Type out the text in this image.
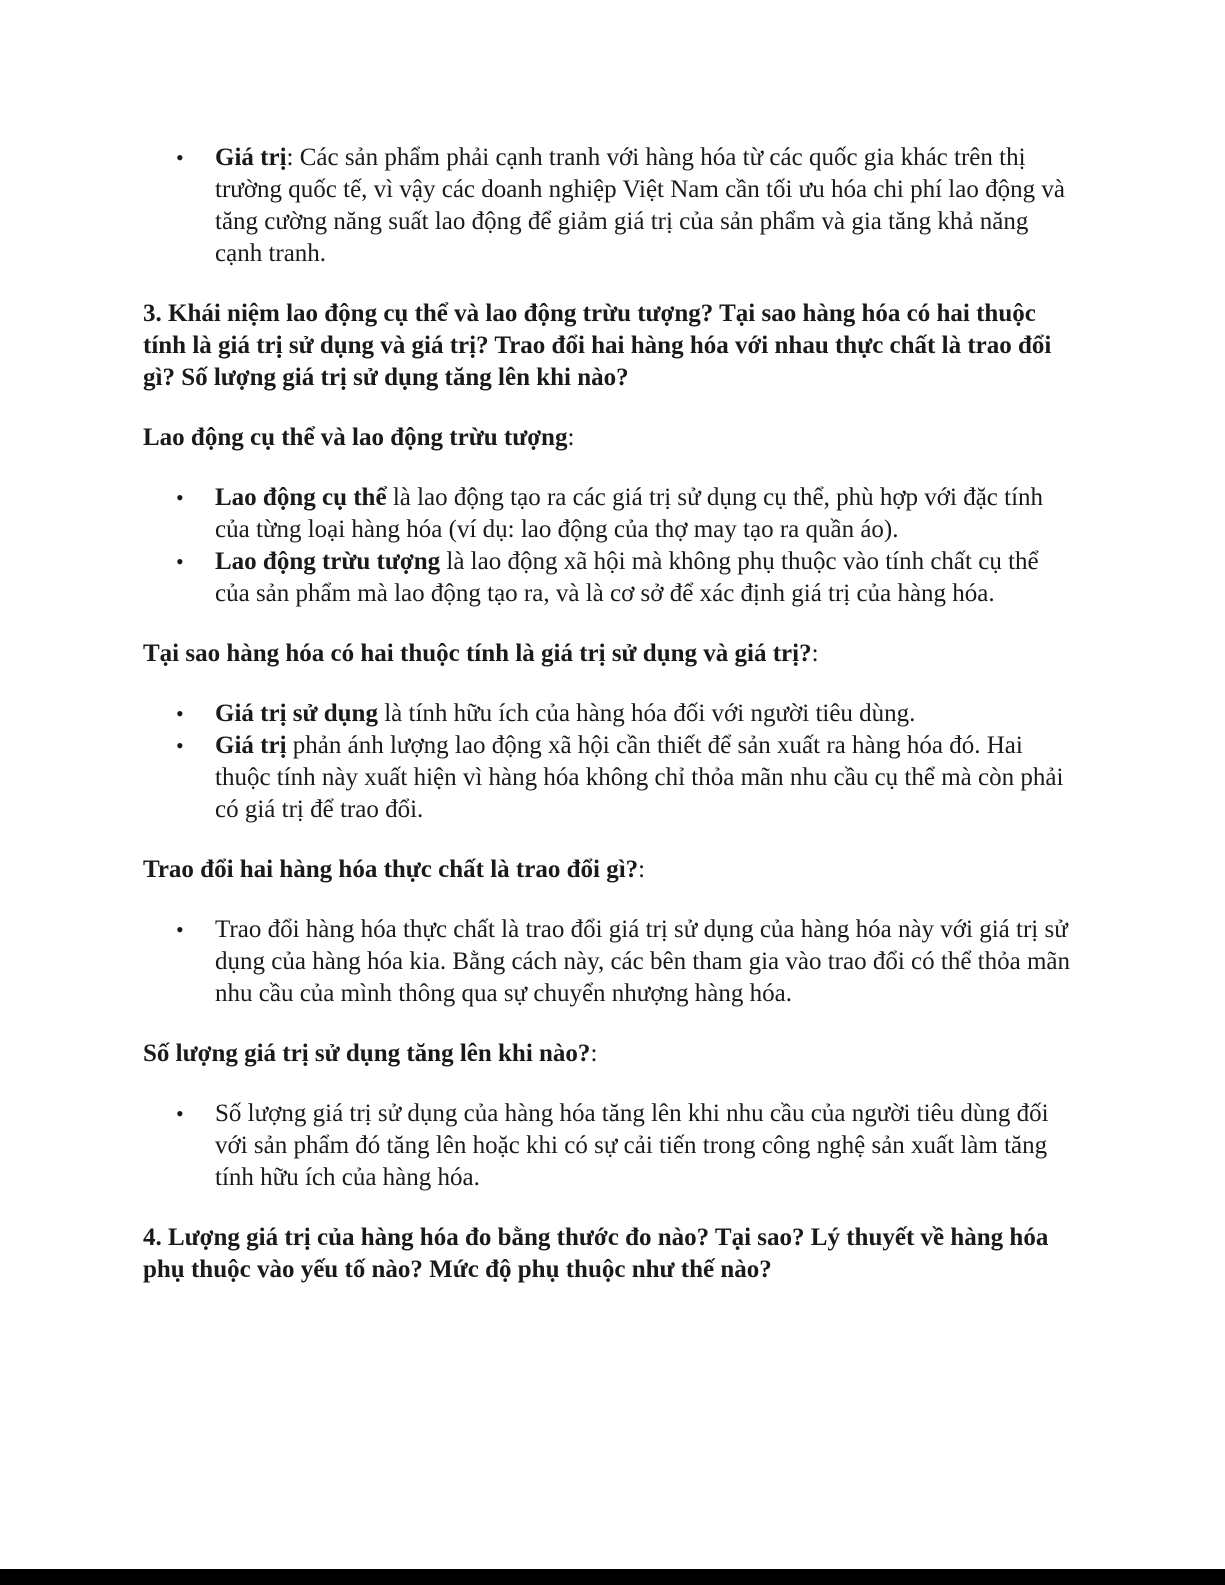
• Giá trị: Các sản phẩm phải cạnh tranh với hàng hóa từ các quốc gia khác trên thị trường quốc tế, vì vậy các doanh nghiệp Việt Nam cần tối ưu hóa chi phí lao động và tăng cường năng suất lao động để giảm giá trị của sản phẩm và gia tăng khả năng cạnh tranh.

3. Khái niệm lao động cụ thể và lao động trừu tượng? Tại sao hàng hóa có hai thuộc tính là giá trị sử dụng và giá trị? Trao đổi hai hàng hóa với nhau thực chất là trao đổi gì? Số lượng giá trị sử dụng tăng lên khi nào?

Lao động cụ thể và lao động trừu tượng:

• Lao động cụ thể là lao động tạo ra các giá trị sử dụng cụ thể, phù hợp với đặc tính của từng loại hàng hóa (ví dụ: lao động của thợ may tạo ra quần áo).
• Lao động trừu tượng là lao động xã hội mà không phụ thuộc vào tính chất cụ thể của sản phẩm mà lao động tạo ra, và là cơ sở để xác định giá trị của hàng hóa.

Tại sao hàng hóa có hai thuộc tính là giá trị sử dụng và giá trị?:

• Giá trị sử dụng là tính hữu ích của hàng hóa đối với người tiêu dùng.
• Giá trị phản ánh lượng lao động xã hội cần thiết để sản xuất ra hàng hóa đó. Hai thuộc tính này xuất hiện vì hàng hóa không chỉ thỏa mãn nhu cầu cụ thể mà còn phải có giá trị để trao đổi.

Trao đổi hai hàng hóa thực chất là trao đổi gì?:

• Trao đổi hàng hóa thực chất là trao đổi giá trị sử dụng của hàng hóa này với giá trị sử dụng của hàng hóa kia. Bằng cách này, các bên tham gia vào trao đổi có thể thỏa mãn nhu cầu của mình thông qua sự chuyển nhượng hàng hóa.

Số lượng giá trị sử dụng tăng lên khi nào?:

• Số lượng giá trị sử dụng của hàng hóa tăng lên khi nhu cầu của người tiêu dùng đối với sản phẩm đó tăng lên hoặc khi có sự cải tiến trong công nghệ sản xuất làm tăng tính hữu ích của hàng hóa.

4. Lượng giá trị của hàng hóa đo bằng thước đo nào? Tại sao? Lý thuyết về hàng hóa phụ thuộc vào yếu tố nào? Mức độ phụ thuộc như thế nào?
